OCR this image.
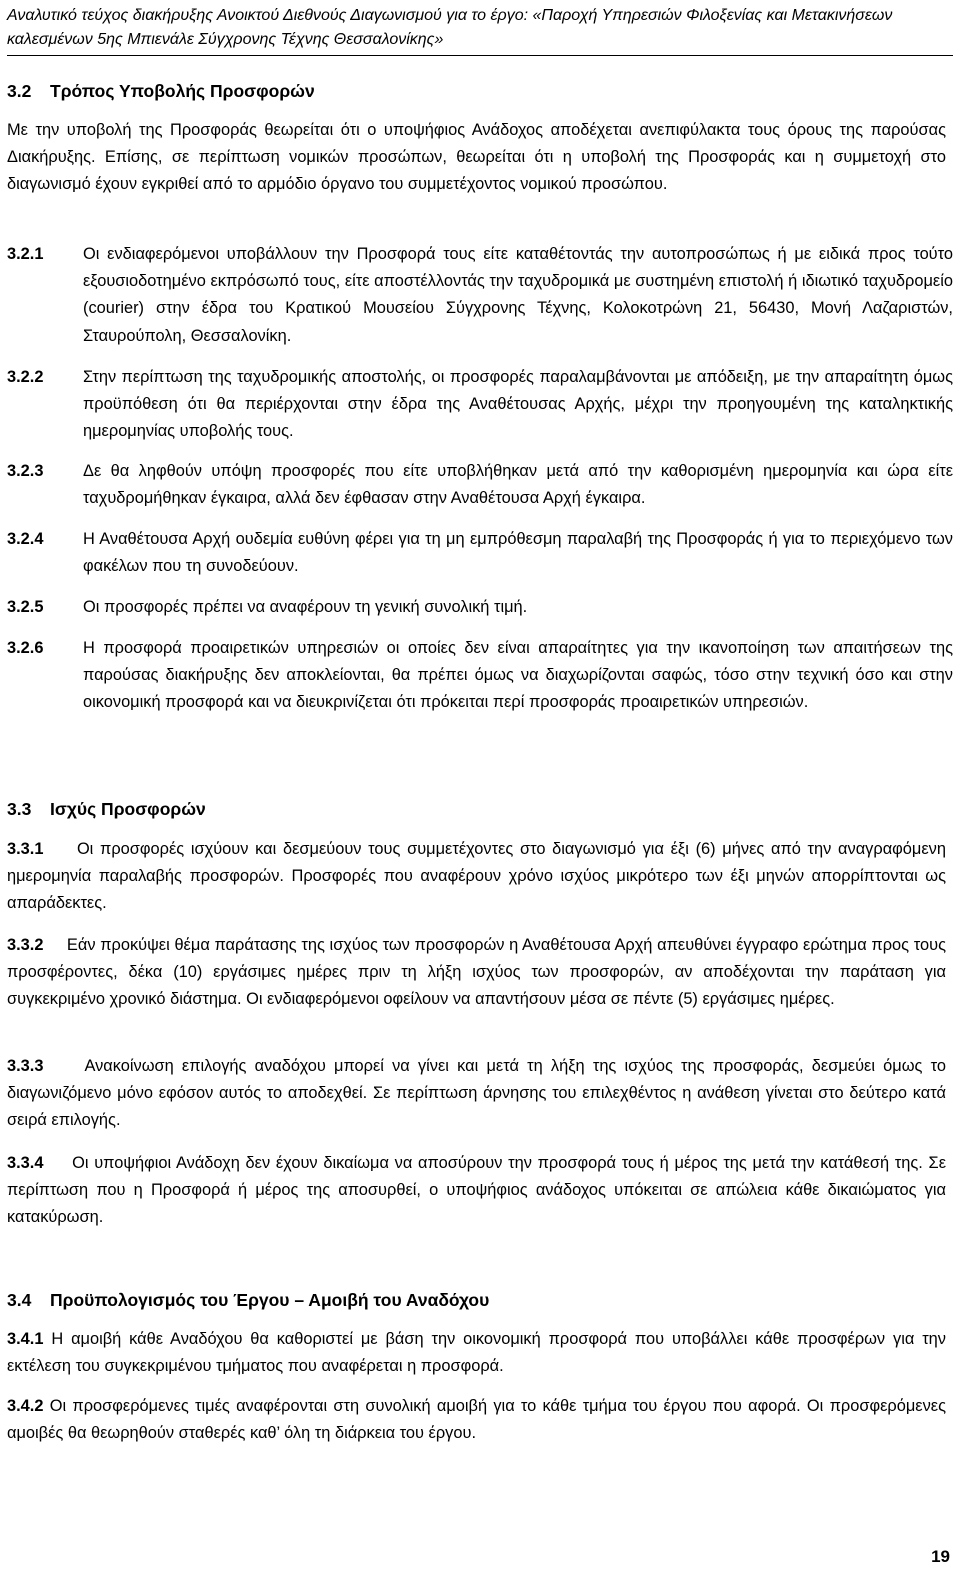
Αναλυτικό τεύχος διακήρυξης Ανοικτού Διεθνούς Διαγωνισμού για το έργο: «Παροχή Υπηρεσιών Φιλοξενίας και Μετακινήσεων καλεσμένων 5ης Μπιενάλε Σύγχρονης Τέχνης Θεσσαλονίκης»
3.2 Τρόπος Υποβολής Προσφορών
Με την υποβολή της Προσφοράς θεωρείται ότι ο υποψήφιος Ανάδοχος αποδέχεται ανεπιφύλακτα τους όρους της παρούσας Διακήρυξης. Επίσης, σε περίπτωση νομικών προσώπων, θεωρείται ότι η υποβολή της Προσφοράς και η συμμετοχή στο διαγωνισμό έχουν εγκριθεί από το αρμόδιο όργανο του συμμετέχοντος νομικού προσώπου.
3.2.1	Οι ενδιαφερόμενοι υποβάλλουν την Προσφορά τους είτε καταθέτοντάς την αυτοπροσώπως ή με ειδικά προς τούτο εξουσιοδοτημένο εκπρόσωπό τους, είτε αποστέλλοντάς την ταχυδρομικά με συστημένη επιστολή ή ιδιωτικό ταχυδρομείο (courier) στην έδρα του Κρατικού Μουσείου Σύγχρονης Τέχνης, Κολοκοτρώνη 21, 56430, Μονή Λαζαριστών, Σταυρούπολη, Θεσσαλονίκη.
3.2.2	Στην περίπτωση της ταχυδρομικής αποστολής, οι προσφορές παραλαμβάνονται με απόδειξη, με την απαραίτητη όμως προϋπόθεση ότι θα περιέρχονται στην έδρα της Αναθέτουσας Αρχής, μέχρι την προηγουμένη της καταληκτικής ημερομηνίας υποβολής τους.
3.2.3	Δε θα ληφθούν υπόψη προσφορές που είτε υποβλήθηκαν μετά από την καθορισμένη ημερομηνία και ώρα είτε ταχυδρομήθηκαν έγκαιρα, αλλά δεν έφθασαν στην Αναθέτουσα Αρχή έγκαιρα.
3.2.4	Η Αναθέτουσα Αρχή ουδεμία ευθύνη φέρει για τη μη εμπρόθεσμη παραλαβή της Προσφοράς ή για το περιεχόμενο των φακέλων που τη συνοδεύουν.
3.2.5	Οι προσφορές πρέπει να αναφέρουν τη γενική συνολική τιμή.
3.2.6	Η προσφορά προαιρετικών υπηρεσιών οι οποίες δεν είναι απαραίτητες για την ικανοποίηση των απαιτήσεων της παρούσας διακήρυξης δεν αποκλείονται, θα πρέπει όμως να διαχωρίζονται σαφώς, τόσο στην τεχνική όσο και στην οικονομική προσφορά και να διευκρινίζεται ότι πρόκειται περί προσφοράς προαιρετικών υπηρεσιών.
3.3 Ισχύς Προσφορών
3.3.1 Οι προσφορές ισχύουν και δεσμεύουν τους συμμετέχοντες στο διαγωνισμό για έξι (6) μήνες από την αναγραφόμενη ημερομηνία παραλαβής προσφορών. Προσφορές που αναφέρουν χρόνο ισχύος μικρότερο των έξι μηνών απορρίπτονται ως απαράδεκτες.
3.3.2 Εάν προκύψει θέμα παράτασης της ισχύος των προσφορών η Αναθέτουσα Αρχή απευθύνει έγγραφο ερώτημα προς τους προσφέροντες, δέκα (10) εργάσιμες ημέρες πριν τη λήξη ισχύος των προσφορών, αν αποδέχονται την παράταση για συγκεκριμένο χρονικό διάστημα. Οι ενδιαφερόμενοι οφείλουν να απαντήσουν μέσα σε πέντε (5) εργάσιμες ημέρες.
3.3.3 Ανακοίνωση επιλογής αναδόχου μπορεί να γίνει και μετά τη λήξη της ισχύος της προσφοράς, δεσμεύει όμως το διαγωνιζόμενο μόνο εφόσον αυτός το αποδεχθεί. Σε περίπτωση άρνησης του επιλεχθέντος η ανάθεση γίνεται στο δεύτερο κατά σειρά επιλογής.
3.3.4 Οι υποψήφιοι Ανάδοχη δεν έχουν δικαίωμα να αποσύρουν την προσφορά τους ή μέρος της μετά την κατάθεσή της. Σε περίπτωση που η Προσφορά ή μέρος της αποσυρθεί, ο υποψήφιος ανάδοχος υπόκειται σε απώλεια κάθε δικαιώματος για κατακύρωση.
3.4 Προϋπολογισμός του Έργου – Αμοιβή του Αναδόχου
3.4.1 Η αμοιβή κάθε Αναδόχου θα καθοριστεί με βάση την οικονομική προσφορά που υποβάλλει κάθε προσφέρων για την εκτέλεση του συγκεκριμένου τμήματος που αναφέρεται η προσφορά.
3.4.2 Οι προσφερόμενες τιμές αναφέρονται στη συνολική αμοιβή για το κάθε τμήμα του έργου που αφορά. Οι προσφερόμενες αμοιβές θα θεωρηθούν σταθερές καθ’ όλη τη διάρκεια του έργου.
19
